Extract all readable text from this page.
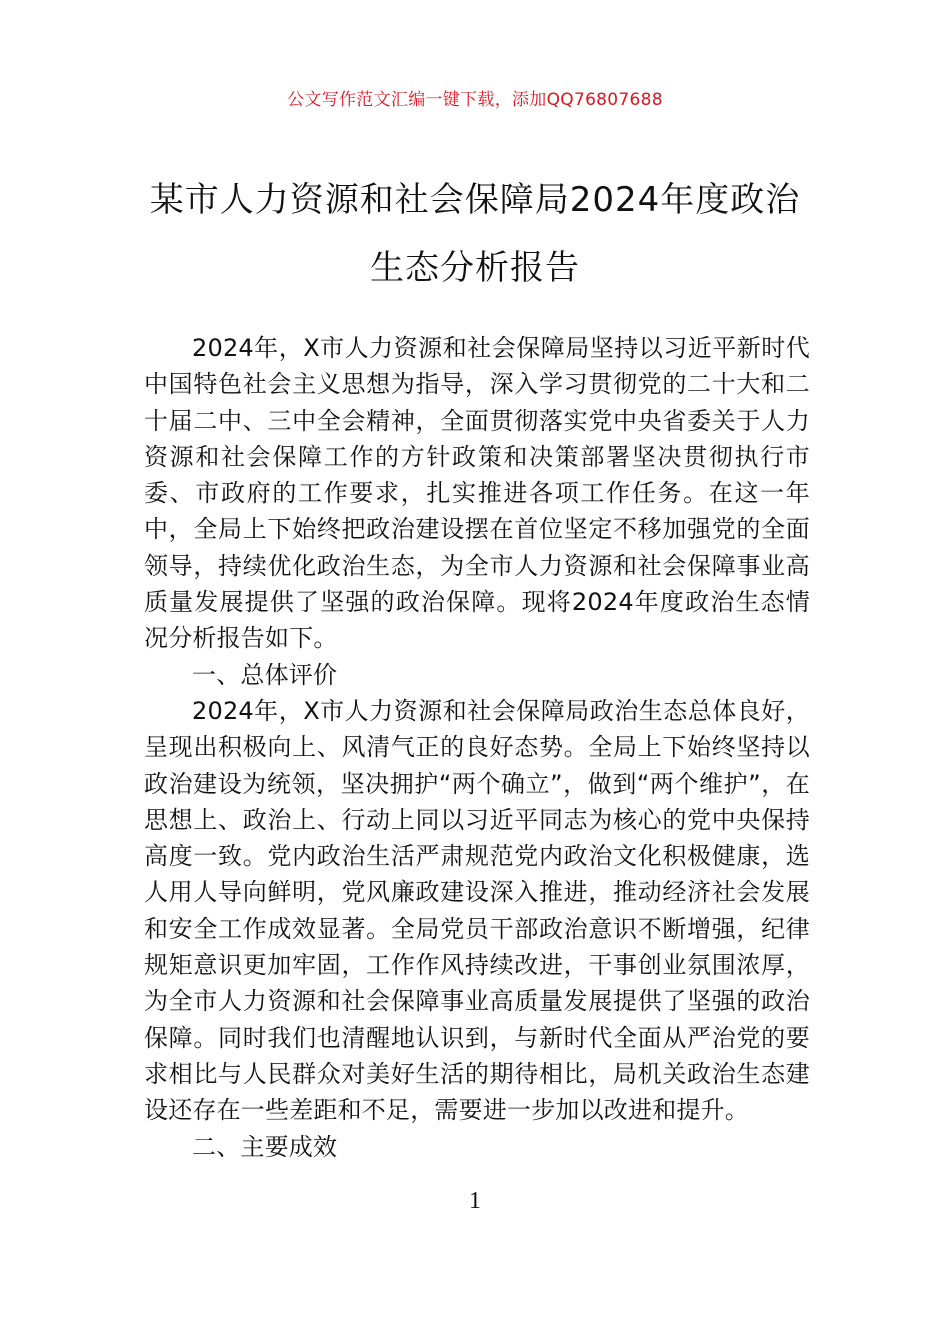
公文写作范文汇编一键下载，添加QQ76807688
某市人力资源和社会保障局2024年度政治
生态分析报告

2024年，X市人力资源和社会保障局坚持以习近平新时代中国特色社会主义思想为指导，深入学习贯彻党的二十大和二十届二中、三中全会精神，全面贯彻落实党中央省委关于人力资源和社会保障工作的方针政策和决策部署坚决贯彻执行市委、市政府的工作要求，扎实推进各项工作任务。在这一年中，全局上下始终把政治建设摆在首位坚定不移加强党的全面领导，持续优化政治生态，为全市人力资源和社会保障事业高质量发展提供了坚强的政治保障。现将2024年度政治生态情况分析报告如下。

一、总体评价

2024年，X市人力资源和社会保障局政治生态总体良好，呈现出积极向上、风清气正的良好态势。全局上下始终坚持以政治建设为统领，坚决拥护“两个确立”，做到“两个维护”，在思想上、政治上、行动上同以习近平同志为核心的党中央保持高度一致。党内政治生活严肃规范党内政治文化积极健康，选人用人导向鲜明，党风廉政建设深入推进，推动经济社会发展和安全工作成效显著。全局党员干部政治意识不断增强，纪律规矩意识更加牢固，工作作风持续改进，干事创业氛围浓厚，为全市人力资源和社会保障事业高质量发展提供了坚强的政治保障。同时我们也清醒地认识到，与新时代全面从严治党的要求相比与人民群众对美好生活的期待相比，局机关政治生态建设还存在一些差距和不足，需要进一步加以改进和提升。

二、主要成效

1
